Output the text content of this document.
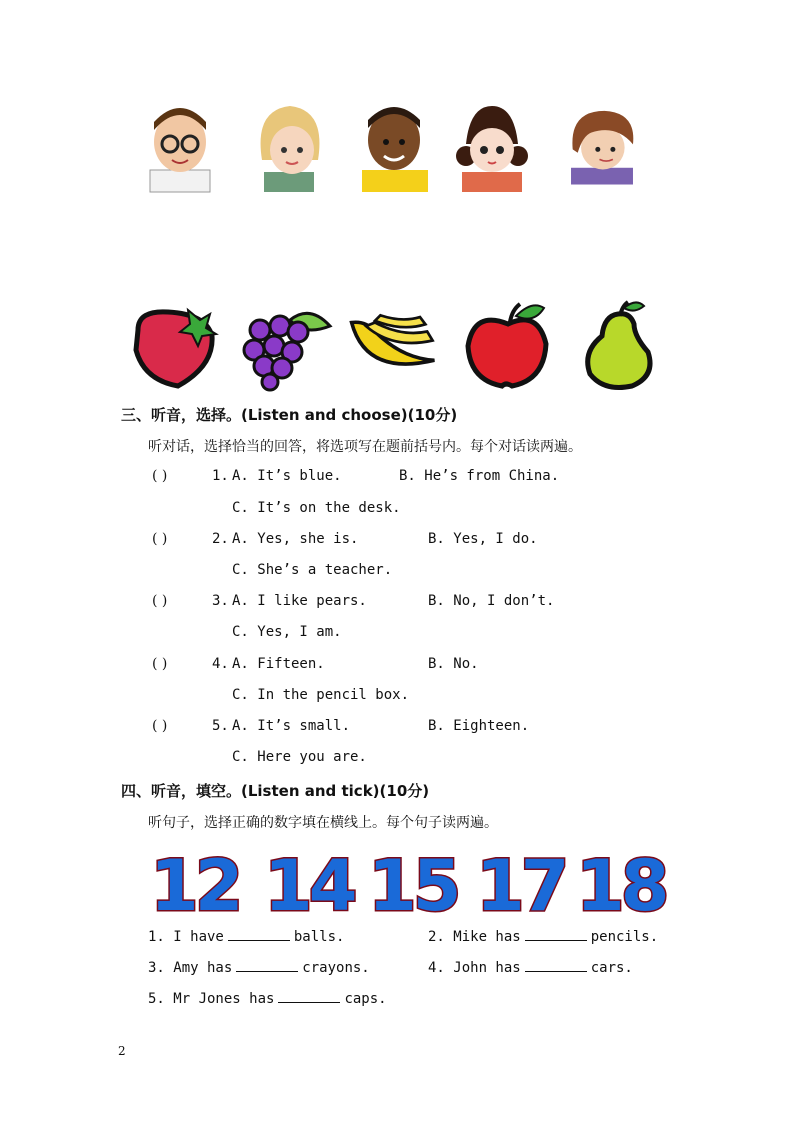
三、听音，选择。(Listen and choose)(10分)
听对话，选择恰当的回答，将选项写在题前括号内。每个对话读两遍。
( )	1. A. It’s blue.	B. He’s from China.
C. It’s on the desk.
( )	2. A. Yes, she is.	B. Yes, I do.
C. She’s a teacher.
( )	3. A. I like pears.	B. No, I don’t.
C. Yes, I am.
( )	4. A. Fifteen.	B. No.
C. In the pencil box.
( )	5. A. It’s small.	B. Eighteen.
C. Here you are.
四、听音，填空。(Listen and tick)(10分)
听句子，选择正确的数字填在横线上。每个句子读两遍。
12 14 15 17 18
1. I have	balls.	2. Mike has	pencils.
3. Amy has	crayons.	4. John has	cars.
5. Mr Jones has	caps.
2
